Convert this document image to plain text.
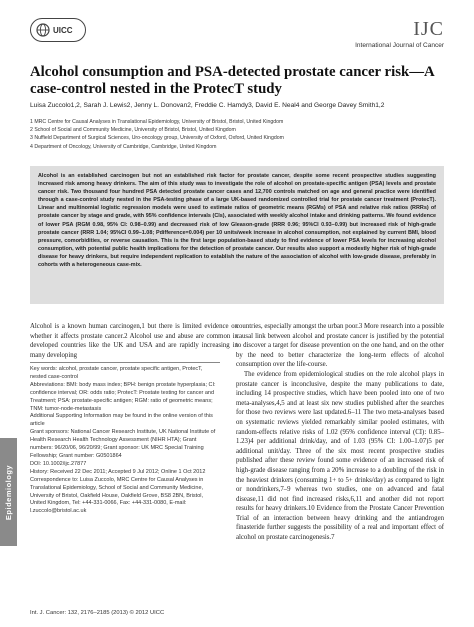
UICC	IJC
International Journal of Cancer
Epidemiology
Alcohol consumption and PSA-detected prostate cancer risk—A case-control nested in the ProtecT study
Luisa Zuccolo1,2, Sarah J. Lewis2, Jenny L. Donovan2, Freddie C. Hamdy3, David E. Neal4 and George Davey Smith1,2
1 MRC Centre for Causal Analyses in Translational Epidemiology, University of Bristol, Bristol, United Kingdom
2 School of Social and Community Medicine, University of Bristol, Bristol, United Kingdom
3 Nuffield Department of Surgical Sciences, Uro-oncology group, University of Oxford, Oxford, United Kingdom
4 Department of Oncology, University of Cambridge, Cambridge, United Kingdom

Alcohol is an established carcinogen but not an established risk factor for prostate cancer, despite some recent prospective studies suggesting increased risk among heavy drinkers. The aim of this study was to investigate the role of alcohol on prostate-specific antigen (PSA) levels and prostate cancer risk. Two thousand four hundred PSA detected prostate cancer cases and 12,700 controls matched on age and general practice were identified through a case-control study nested in the PSA-testing phase of a large UK-based randomized controlled trial for prostate cancer treatment (ProtecT). Linear and multinomial logistic regression models were used to estimate ratios of geometric means (RGMs) of PSA and relative risk ratios (RRRs) of prostate cancer by stage and grade, with 95% confidence intervals (CIs), associated with weekly alcohol intake and drinking patterns. We found evidence of lower PSA (RGM 0.98, 95% CI: 0.98–0.99) and decreased risk of low Gleason-grade (RRR 0.96; 95%CI 0.93–0.99) but increased risk of high-grade prostate cancer (RRR 1.04; 95%CI 0.99–1.08; Pdifference=0.004) per 10 units/week increase in alcohol consumption, not explained by current BMI, blood pressure, comorbidities, or reverse causation. This is the first large population-based study to find evidence of lower PSA levels for increasing alcohol consumption, with potential public health implications for the detection of prostate cancer. Our results also support a modestly higher risk of high-grade disease for heavy drinkers, but require independent replication to establish the nature of the association of alcohol with low-grade disease, preferably in cohorts with a heterogeneous case-mix.

Alcohol is a known human carcinogen,1 but there is limited evidence on whether it affects prostate cancer.2 Alcohol use and abuse are common in developed countries like the UK and USA and are rapidly increasing in many developing

Key words: alcohol, prostate cancer, prostate specific antigen, ProtecT, nested case-control

Abbreviations: BMI: body mass index; BPH: benign prostate hyperplasia; CI: confidence interval; OR: odds ratio; ProtecT: Prostate testing for cancer and Treatment; PSA: prostate-specific antigen; RGM: ratio of geometric means; TNM: tumor-node-metastasis

Additional Supporting Information may be found in the online version of this article

Grant sponsors: National Cancer Research Institute, UK National Institute of Health Research Health Technology Assessment (NIHR HTA); Grant numbers: 96/20/06, 96/20/99; Grant sponsor: UK MRC Special Training Fellowship; Grant number: G0501864

DOI: 10.1002/ijc.27877

History: Received 22 Dec 2011; Accepted 9 Jul 2012; Online 1 Oct 2012

Correspondence to: Luisa Zuccolo, MRC Centre for Causal Analyses in Translational Epidemiology, School of Social and Community Medicine, University of Bristol, Oakfield House, Oakfield Grove, BS8 2BN, Bristol, United Kingdom, Tel: +44-331-0066, Fax: +44-331-0080, E-mail: l.zuccolo@bristol.ac.uk

countries, especially amongst the urban poor.3 More research into a possible causal link between alcohol and prostate cancer is justified by the potential to discover a target for disease prevention on the one hand, and on the other by the need to better characterize the long-term effects of alcohol consumption over the life-course.

The evidence from epidemiological studies on the role alcohol plays in prostate cancer is inconclusive, despite the many publications to date, including 14 prospective studies, which have been pooled into one of two meta-analyses,4,5 and at least six new studies published after the searches for those two reviews were last updated.6–11 The two meta-analyses based on systematic reviews yielded remarkably similar pooled estimates, with random-effects relative risks of 1.02 (95% confidence interval (CI): 0.85–1.23)4 per additional drink/day, and of 1.03 (95% CI: 1.00–1.07)5 per additional unit/day. Three of the six most recent prospective studies published after these review found some evidence of an increased risk of high-grade disease ranging from a 20% increase to a doubling of the risk in the heaviest drinkers (consuming 1+ to 5+ drinks/day) as compared to light or nondrinkers,7–9 whereas two studies, one on advanced and fatal disease,11 did not find increased risks,6,11 and another did not report results for heavy drinkers.10 Evidence from the Prostate Cancer Prevention Trial of an interaction between heavy drinking and the antiandrogen finasteride further suggests the possibility of a real and important effect of alcohol on prostate carcinogenesis.7

Int. J. Cancer: 132, 2176–2185 (2013) © 2012 UICC
